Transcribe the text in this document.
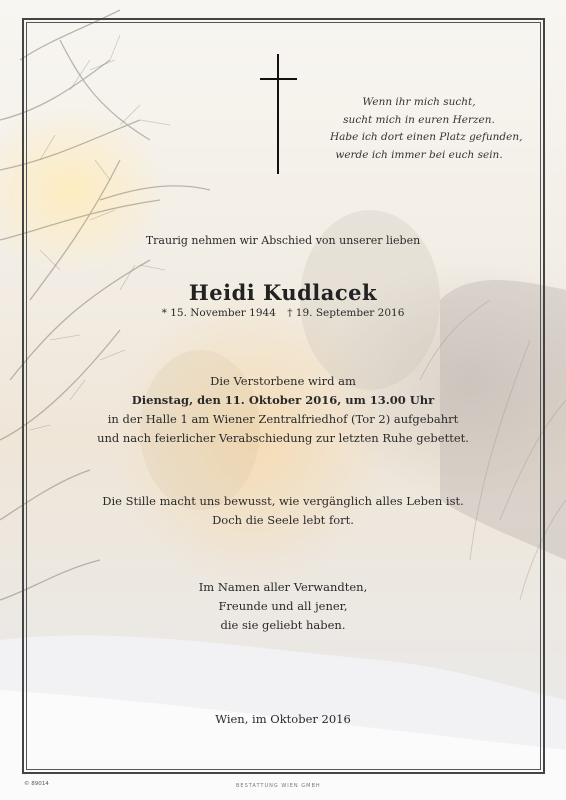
Wenn ihr mich sucht,
sucht mich in euren Herzen.
Habe ich dort einen Platz gefunden,
werde ich immer bei euch sein.
Traurig nehmen wir Abschied von unserer lieben
Heidi Kudlacek
* 15. November 1944 † 19. September 2016
Die Verstorbene wird am
Dienstag, den 11. Oktober 2016, um 13.00 Uhr
in der Halle 1 am Wiener Zentralfriedhof (Tor 2) aufgebahrt
und nach feierlicher Verabschiedung zur letzten Ruhe gebettet.
Die Stille macht uns bewusst, wie vergänglich alles Leben ist.
Doch die Seele lebt fort.
Im Namen aller Verwandten,
Freunde und all jener,
die sie geliebt haben.
Wien, im Oktober 2016
© 89014	BESTATTUNG WIEN GMBH
